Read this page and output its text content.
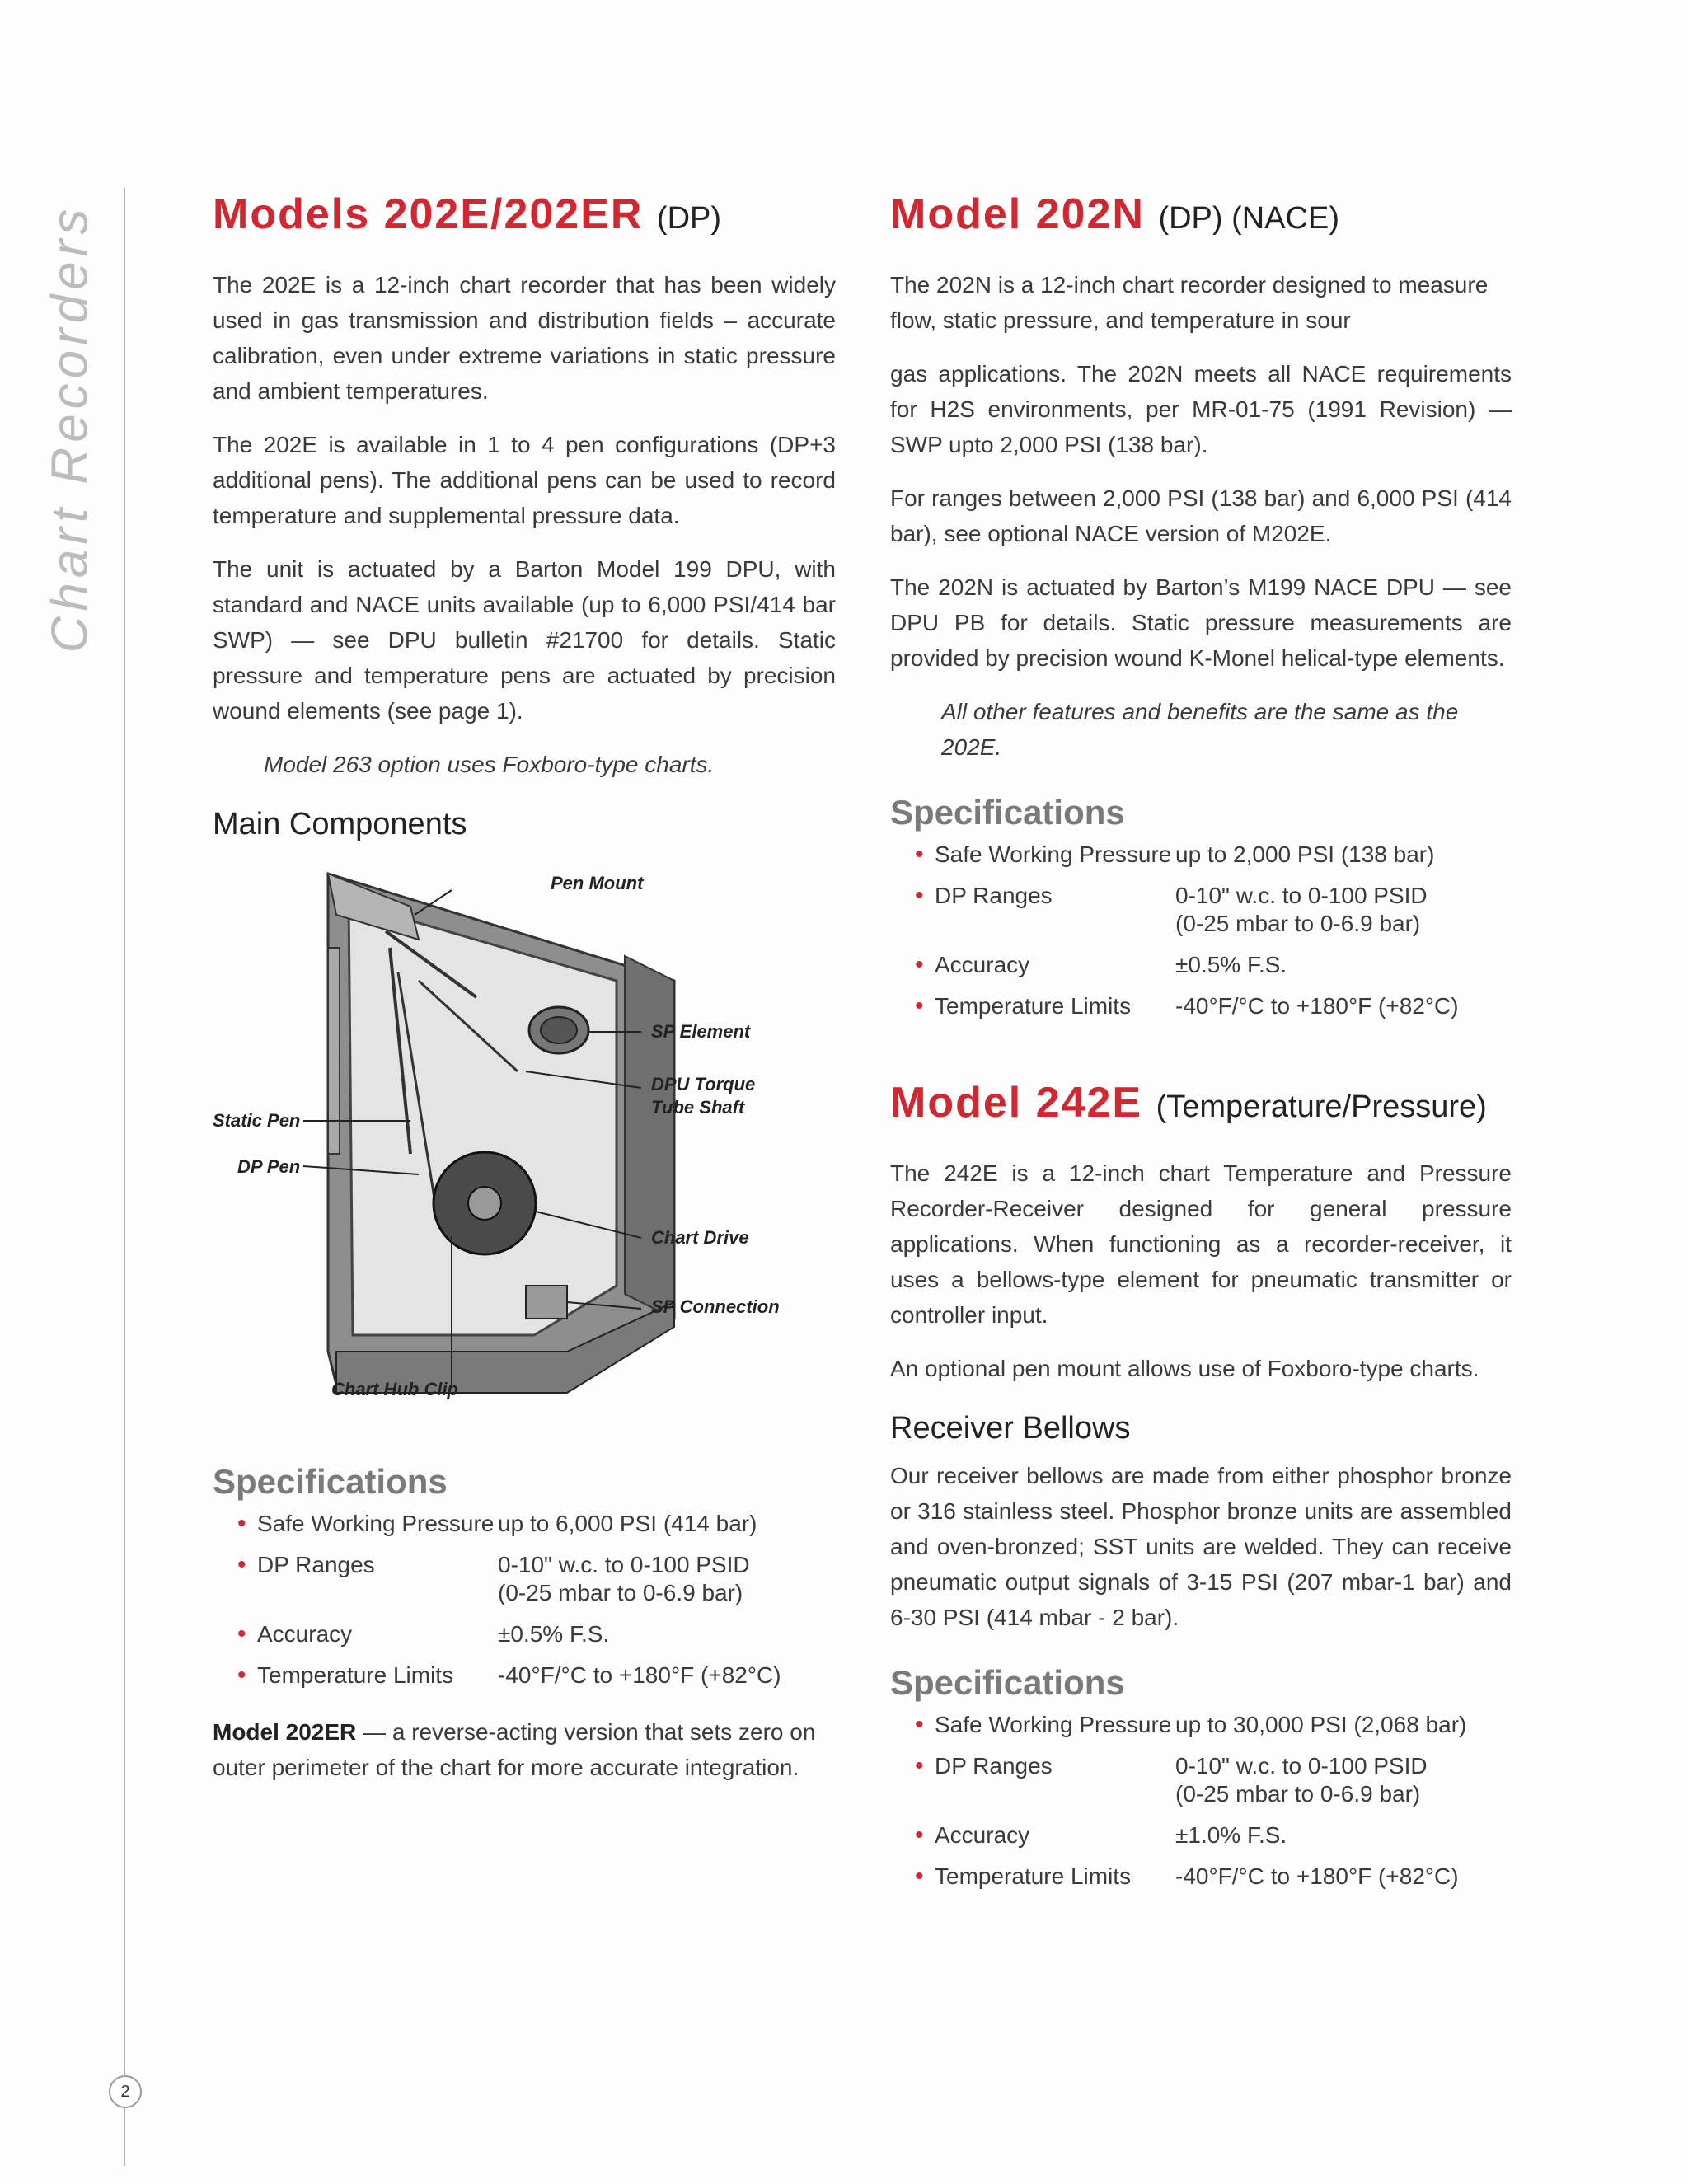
Chart Recorders
2
Models 202E/202ER (DP)

The 202E is a 12-inch chart recorder that has been widely used in gas transmission and distribution fields – accurate calibration, even under extreme variations in static pressure and ambient temperatures.

The 202E is available in 1 to 4 pen configurations (DP+3 additional pens). The additional pens can be used to record temperature and supplemental pressure data.

The unit is actuated by a Barton Model 199 DPU, with standard and NACE units available (up to 6,000 PSI/414 bar SWP) — see DPU bulletin #21700 for details. Static pressure and temperature pens are actuated by precision wound elements (see page 1).

Model 263 option uses Foxboro-type charts.

Main Components
Pen Mount
SP Element
DPU Torque
Tube Shaft
Static Pen
DP Pen
Chart Drive
SP Connection
Chart Hub Clip
Specifications
• Safe Working Pressure up to 6,000 PSI (414 bar)
• DP Ranges	0-10" w.c. to 0-100 PSID
(0-25 mbar to 0-6.9 bar)
• Accuracy	±0.5% F.S.
• Temperature Limits	-40°F/°C to +180°F (+82°C)

Model 202ER — a reverse-acting version that sets zero on outer perimeter of the chart for more accurate integration.

Model 202N (DP) (NACE)

The 202N is a 12-inch chart recorder designed to measure flow, static pressure, and temperature in sour

gas applications. The 202N meets all NACE requirements for H2S environments, per MR-01-75 (1991 Revision) — SWP upto 2,000 PSI (138 bar).

For ranges between 2,000 PSI (138 bar) and 6,000 PSI (414 bar), see optional NACE version of M202E.

The 202N is actuated by Barton’s M199 NACE DPU — see DPU PB for details. Static pressure measurements are provided by precision wound K-Monel helical-type elements.

All other features and benefits are the same as the 202E.

Specifications
• Safe Working Pressure up to 2,000 PSI (138 bar)
• DP Ranges	0-10" w.c. to 0-100 PSID
(0-25 mbar to 0-6.9 bar)
• Accuracy	±0.5% F.S.
• Temperature Limits	-40°F/°C to +180°F (+82°C)
Model 242E (Temperature/Pressure)

The 242E is a 12-inch chart Temperature and Pressure Recorder-Receiver designed for general pressure applications. When functioning as a recorder-receiver, it uses a bellows-type element for pneumatic transmitter or controller input.

An optional pen mount allows use of Foxboro-type charts.

Receiver Bellows

Our receiver bellows are made from either phosphor bronze or 316 stainless steel. Phosphor bronze units are assembled and oven-bronzed; SST units are welded. They can receive pneumatic output signals of 3-15 PSI (207 mbar-1 bar) and 6-30 PSI (414 mbar - 2 bar).

Specifications
• Safe Working Pressure up to 30,000 PSI (2,068 bar)
• DP Ranges	0-10" w.c. to 0-100 PSID
(0-25 mbar to 0-6.9 bar)
• Accuracy	±1.0% F.S.
• Temperature Limits	-40°F/°C to +180°F (+82°C)
